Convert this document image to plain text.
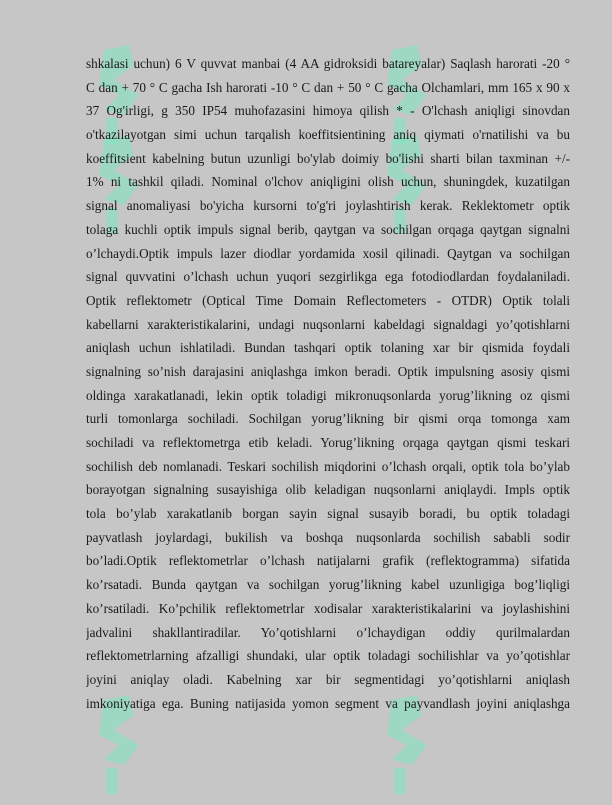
shkalasi uchun) 6 V quvvat manbai (4 AA gidroksidi batareyalar) Saqlash harorati -20 °
C dan + 70 ° C gacha Ish harorati -10 ° C dan + 50 ° C gacha Olchamlari, mm 165 x 90 x
37 Og'irligi, g 350 IP54 muhofazasini himoya qilish * - O'lchash aniqligi sinovdan
o'tkazilayotgan simi uchun tarqalish koeffitsientining aniq qiymati o'rnatilishi va bu
koeffitsient kabelning butun uzunligi bo'ylab doimiy bo'lishi sharti bilan taxminan +/-
1% ni tashkil qiladi. Nominal o'lchov aniqligini olish uchun, shuningdek, kuzatilgan
signal anomaliyasi bo'yicha kursorni to'g'ri joylashtirish kerak. Reklektometr optik
tolaga kuchli optik impuls signal berib, qaytgan va sochilgan orqaga qaytgan signalni
o’lchaydi.Optik impuls lazer diodlar yordamida xosil qilinadi. Qaytgan va sochilgan
signal quvvatini o’lchash uchun yuqori sezgirlikga ega fotodiodlardan foydalaniladi.
Optik reflektometr (Optical Time Domain Reflectometers - OTDR) Optik tolali
kabellarni xarakteristikalarini, undagi nuqsonlarni kabeldagi signaldagi yo’qotishlarni
aniqlash uchun ishlatiladi. Bundan tashqari optik tolaning xar bir qismida foydali
signalning so’nish darajasini aniqlashga imkon beradi. Optik impulsning asosiy qismi
oldinga xarakatlanadi, lekin optik toladigi mikronuqsonlarda yorug’likning oz qismi
turli tomonlarga sochiladi. Sochilgan yorug’likning bir qismi orqa tomonga xam
sochiladi va reflektometrga etib keladi. Yorug’likning orqaga qaytgan qismi teskari
sochilish deb nomlanadi. Teskari sochilish miqdorini o’lchash orqali, optik tola bo’ylab
borayotgan signalning susayishiga olib keladigan nuqsonlarni aniqlaydi. Impls optik
tola bo’ylab xarakatlanib borgan sayin signal susayib boradi, bu optik toladagi
payvatlash joylardagi, bukilish va boshqa nuqsonlarda sochilish sababli sodir
bo’ladi.Optik reflektometrlar o’lchash natijalarni grafik (reflektogramma) sifatida
ko’rsatadi. Bunda qaytgan va sochilgan yorug’likning kabel uzunligiga bog’liqligi
ko’rsatiladi. Ko’pchilik reflektometrlar xodisalar xarakteristikalarini va joylashishini
jadvalini shakllantiradilar. Yo’qotishlarni o’lchaydigan oddiy qurilmalardan
reflektometrlarning afzalligi shundaki, ular optik toladagi sochilishlar va yo’qotishlar
joyini aniqlay oladi. Kabelning xar bir segmentidagi yo’qotishlarni aniqlash
imkoniyatiga ega. Buning natijasida yomon segment va payvandlash joyini aniqlashga
